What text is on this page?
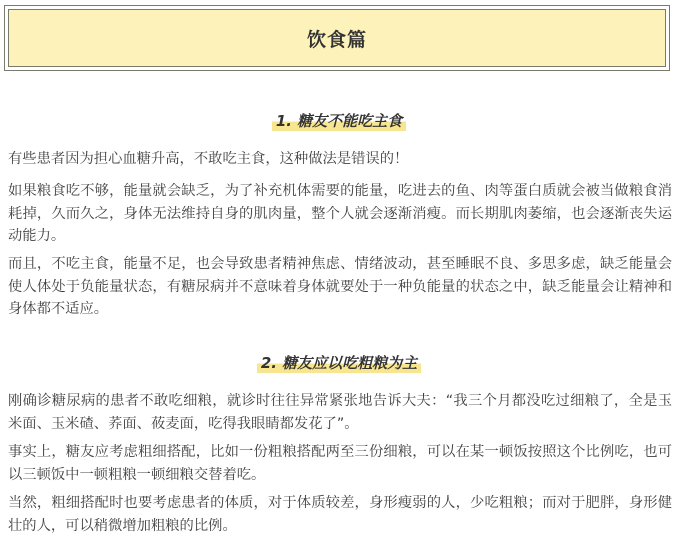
饮食篇
1. 糖友不能吃主食

有些患者因为担心血糖升高，不敢吃主食，这种做法是错误的！

如果粮食吃不够，能量就会缺乏，为了补充机体需要的能量，吃进去的鱼、肉等蛋白质就会被当做粮食消耗掉，久而久之，身体无法维持自身的肌肉量，整个人就会逐渐消瘦。而长期肌肉萎缩，也会逐渐丧失运动能力。

而且，不吃主食，能量不足，也会导致患者精神焦虑、情绪波动，甚至睡眠不良、多思多虑，缺乏能量会使人体处于负能量状态，有糖尿病并不意味着身体就要处于一种负能量的状态之中，缺乏能量会让精神和身体都不适应。

2. 糖友应以吃粗粮为主

刚确诊糖尿病的患者不敢吃细粮，就诊时往往异常紧张地告诉大夫：“我三个月都没吃过细粮了，全是玉米面、玉米碴、荞面、莜麦面，吃得我眼睛都发花了”。

事实上，糖友应考虑粗细搭配，比如一份粗粮搭配两至三份细粮，可以在某一顿饭按照这个比例吃，也可以三顿饭中一顿粗粮一顿细粮交替着吃。

当然，粗细搭配时也要考虑患者的体质，对于体质较差，身形瘦弱的人，少吃粗粮；而对于肥胖，身形健壮的人，可以稍微增加粗粮的比例。
